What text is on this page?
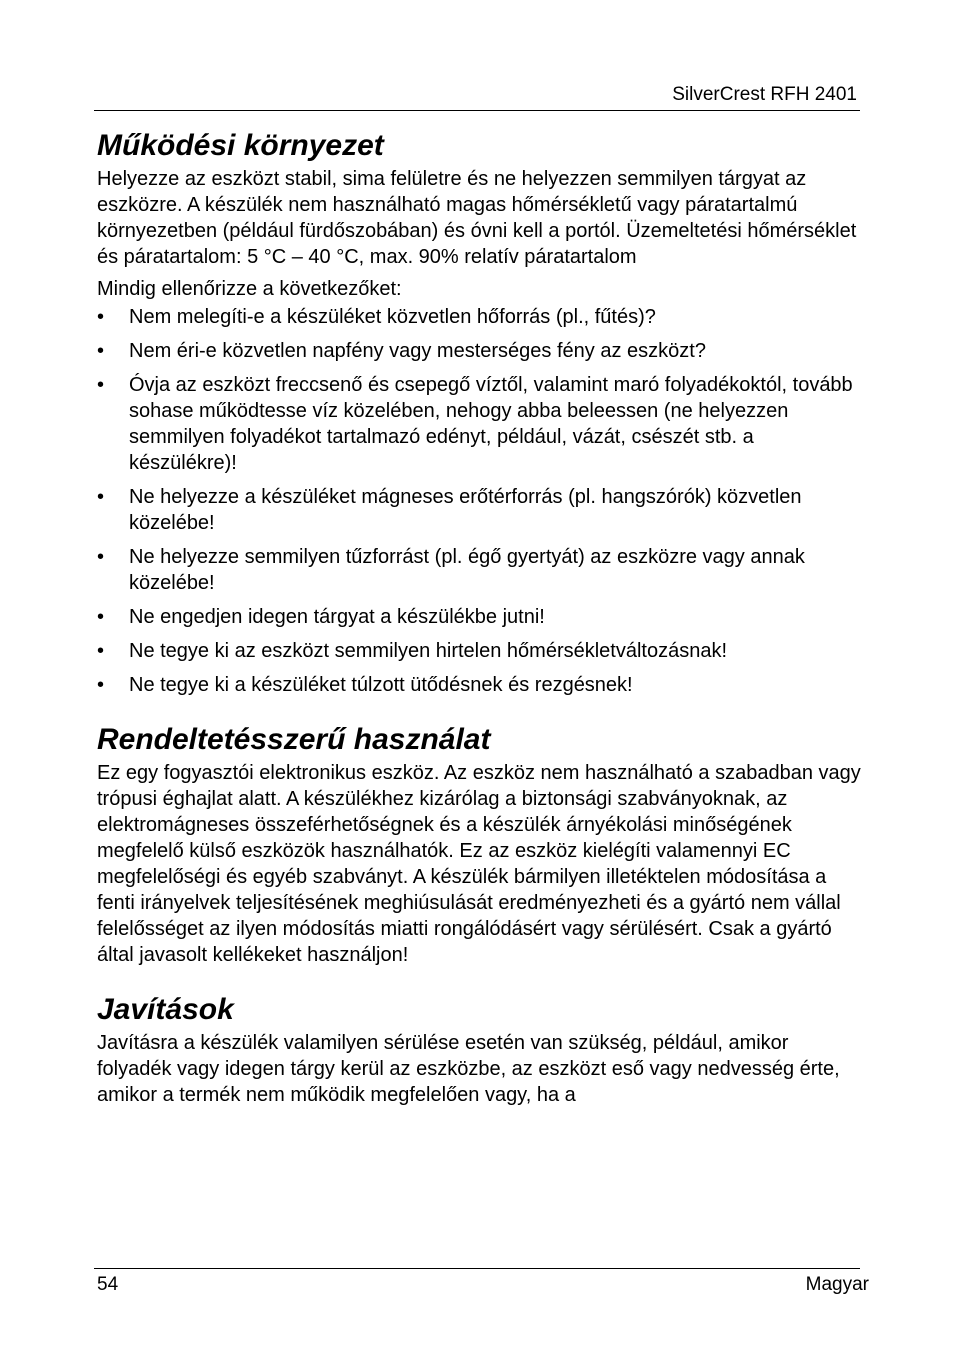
SilverCrest RFH 2401
Működési környezet

Helyezze az eszközt stabil, sima felületre és ne helyezzen semmilyen tárgyat az eszközre. A készülék nem használható magas hőmérsékletű vagy páratartalmú környezetben (például fürdőszobában) és óvni kell a portól. Üzemeltetési hőmérséklet és páratartalom: 5 °C – 40 °C, max. 90% relatív páratartalom

Mindig ellenőrizze a következőket:

•	Nem melegíti-e a készüléket közvetlen hőforrás (pl., fűtés)?
•	Nem éri-e közvetlen napfény vagy mesterséges fény az eszközt?
•	Óvja az eszközt freccsenő és csepegő víztől, valamint maró folyadékoktól, tovább sohase működtesse víz közelében, nehogy abba beleessen (ne helyezzen semmilyen folyadékot tartalmazó edényt, például, vázát, csészét stb. a készülékre)!
•	Ne helyezze a készüléket mágneses erőtérforrás (pl. hangszórók) közvetlen közelébe!
•	Ne helyezze semmilyen tűzforrást (pl. égő gyertyát) az eszközre vagy annak közelébe!
•	Ne engedjen idegen tárgyat a készülékbe jutni!
•	Ne tegye ki az eszközt semmilyen hirtelen hőmérsékletváltozásnak!
•	Ne tegye ki a készüléket túlzott ütődésnek és rezgésnek!
Rendeltetésszerű használat

Ez egy fogyasztói elektronikus eszköz. Az eszköz nem használható a szabadban vagy trópusi éghajlat alatt. A készülékhez kizárólag a biztonsági szabványoknak, az elektromágneses összeférhetőségnek és a készülék árnyékolási minőségének megfelelő külső eszközök használhatók. Ez az eszköz kielégíti valamennyi EC megfelelőségi és egyéb szabványt. A készülék bármilyen illetéktelen módosítása a fenti irányelvek teljesítésének meghiúsulását eredményezheti és a gyártó nem vállal felelősséget az ilyen módosítás miatti rongálódásért vagy sérülésért. Csak a gyártó által javasolt kellékeket használjon!

Javítások

Javításra a készülék valamilyen sérülése esetén van szükség, például, amikor folyadék vagy idegen tárgy kerül az eszközbe, az eszközt eső vagy nedvesség érte, amikor a termék nem működik megfelelően vagy, ha a

54	Magyar
